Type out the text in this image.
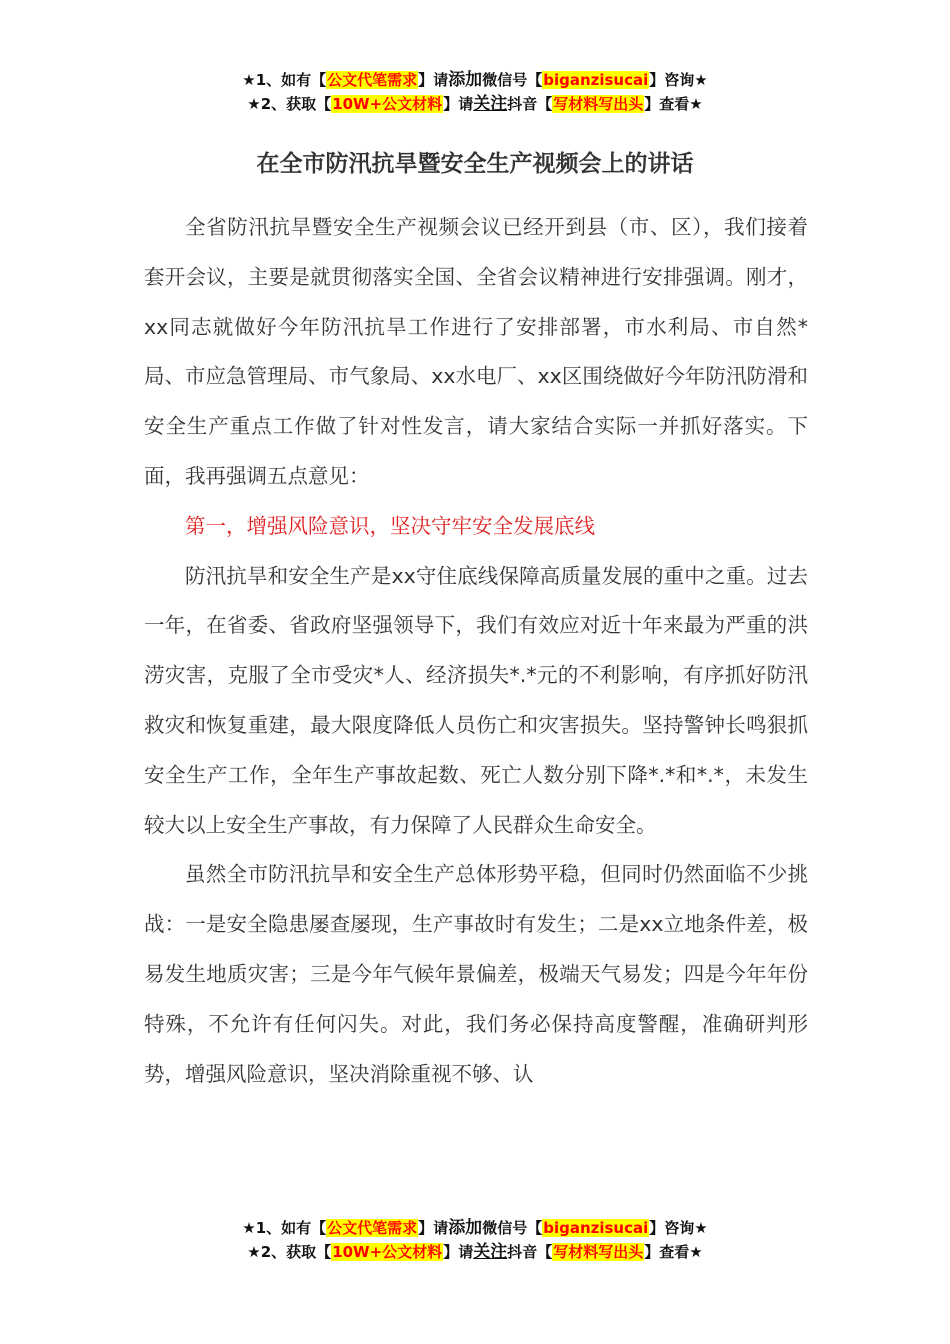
★1、如有【公文代笔需求】请添加微信号【biganzisucai】咨询★
★2、获取【10W+公文材料】请关注抖音【写材料写出头】查看★
在全市防汛抗旱暨安全生产视频会上的讲话

全省防汛抗旱暨安全生产视频会议已经开到县（市、区），我们接着套开会议，主要是就贯彻落实全国、全省会议精神进行安排强调。刚才，xx同志就做好今年防汛抗旱工作进行了安排部署，市水利局、市自然*局、市应急管理局、市气象局、xx水电厂、xx区围绕做好今年防汛防滑和安全生产重点工作做了针对性发言，请大家结合实际一并抓好落实。下面，我再强调五点意见：

第一，增强风险意识，坚决守牢安全发展底线

防汛抗旱和安全生产是xx守住底线保障高质量发展的重中之重。过去一年，在省委、省政府坚强领导下，我们有效应对近十年来最为严重的洪涝灾害，克服了全市受灾*人、经济损失*.*元的不利影响，有序抓好防汛救灾和恢复重建，最大限度降低人员伤亡和灾害损失。坚持警钟长鸣狠抓安全生产工作，全年生产事故起数、死亡人数分别下降*.*和*.*，未发生较大以上安全生产事故，有力保障了人民群众生命安全。

虽然全市防汛抗旱和安全生产总体形势平稳，但同时仍然面临不少挑战：一是安全隐患屡查屡现，生产事故时有发生；二是xx立地条件差，极易发生地质灾害；三是今年气候年景偏差，极端天气易发；四是今年年份特殊，不允许有任何闪失。对此，我们务必保持高度警醒，准确研判形势，增强风险意识，坚决消除重视不够、认

★1、如有【公文代笔需求】请添加微信号【biganzisucai】咨询★
★2、获取【10W+公文材料】请关注抖音【写材料写出头】查看★
